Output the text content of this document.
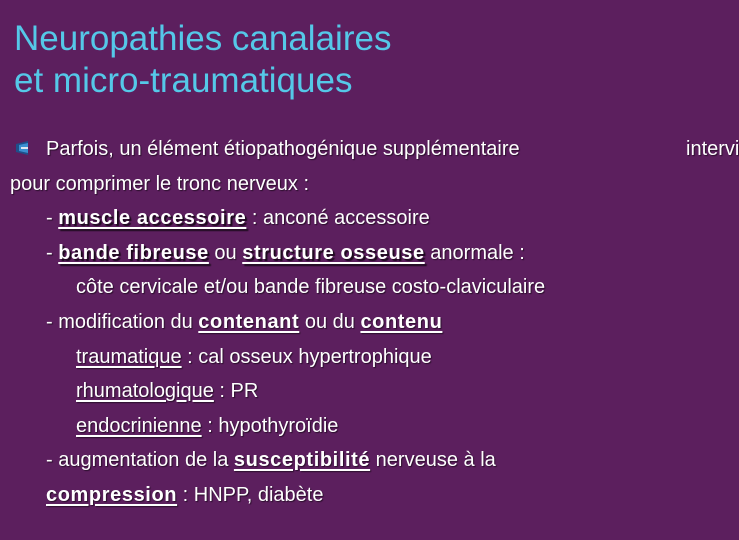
Neuropathies canalaires
et micro-traumatiques
Parfois, un élément étiopathogénique supplémentaire	intervi

pour comprimer le tronc nerveux :
- muscle accessoire : anconé accessoire
- bande fibreuse ou structure osseuse anormale :
côte cervicale et/ou bande fibreuse costo-claviculaire
- modification du contenant ou du contenu
traumatique : cal osseux hypertrophique
rhumatologique : PR
endocrinienne : hypothyroïdie
- augmentation de la susceptibilité nerveuse à la
compression : HNPP, diabète
